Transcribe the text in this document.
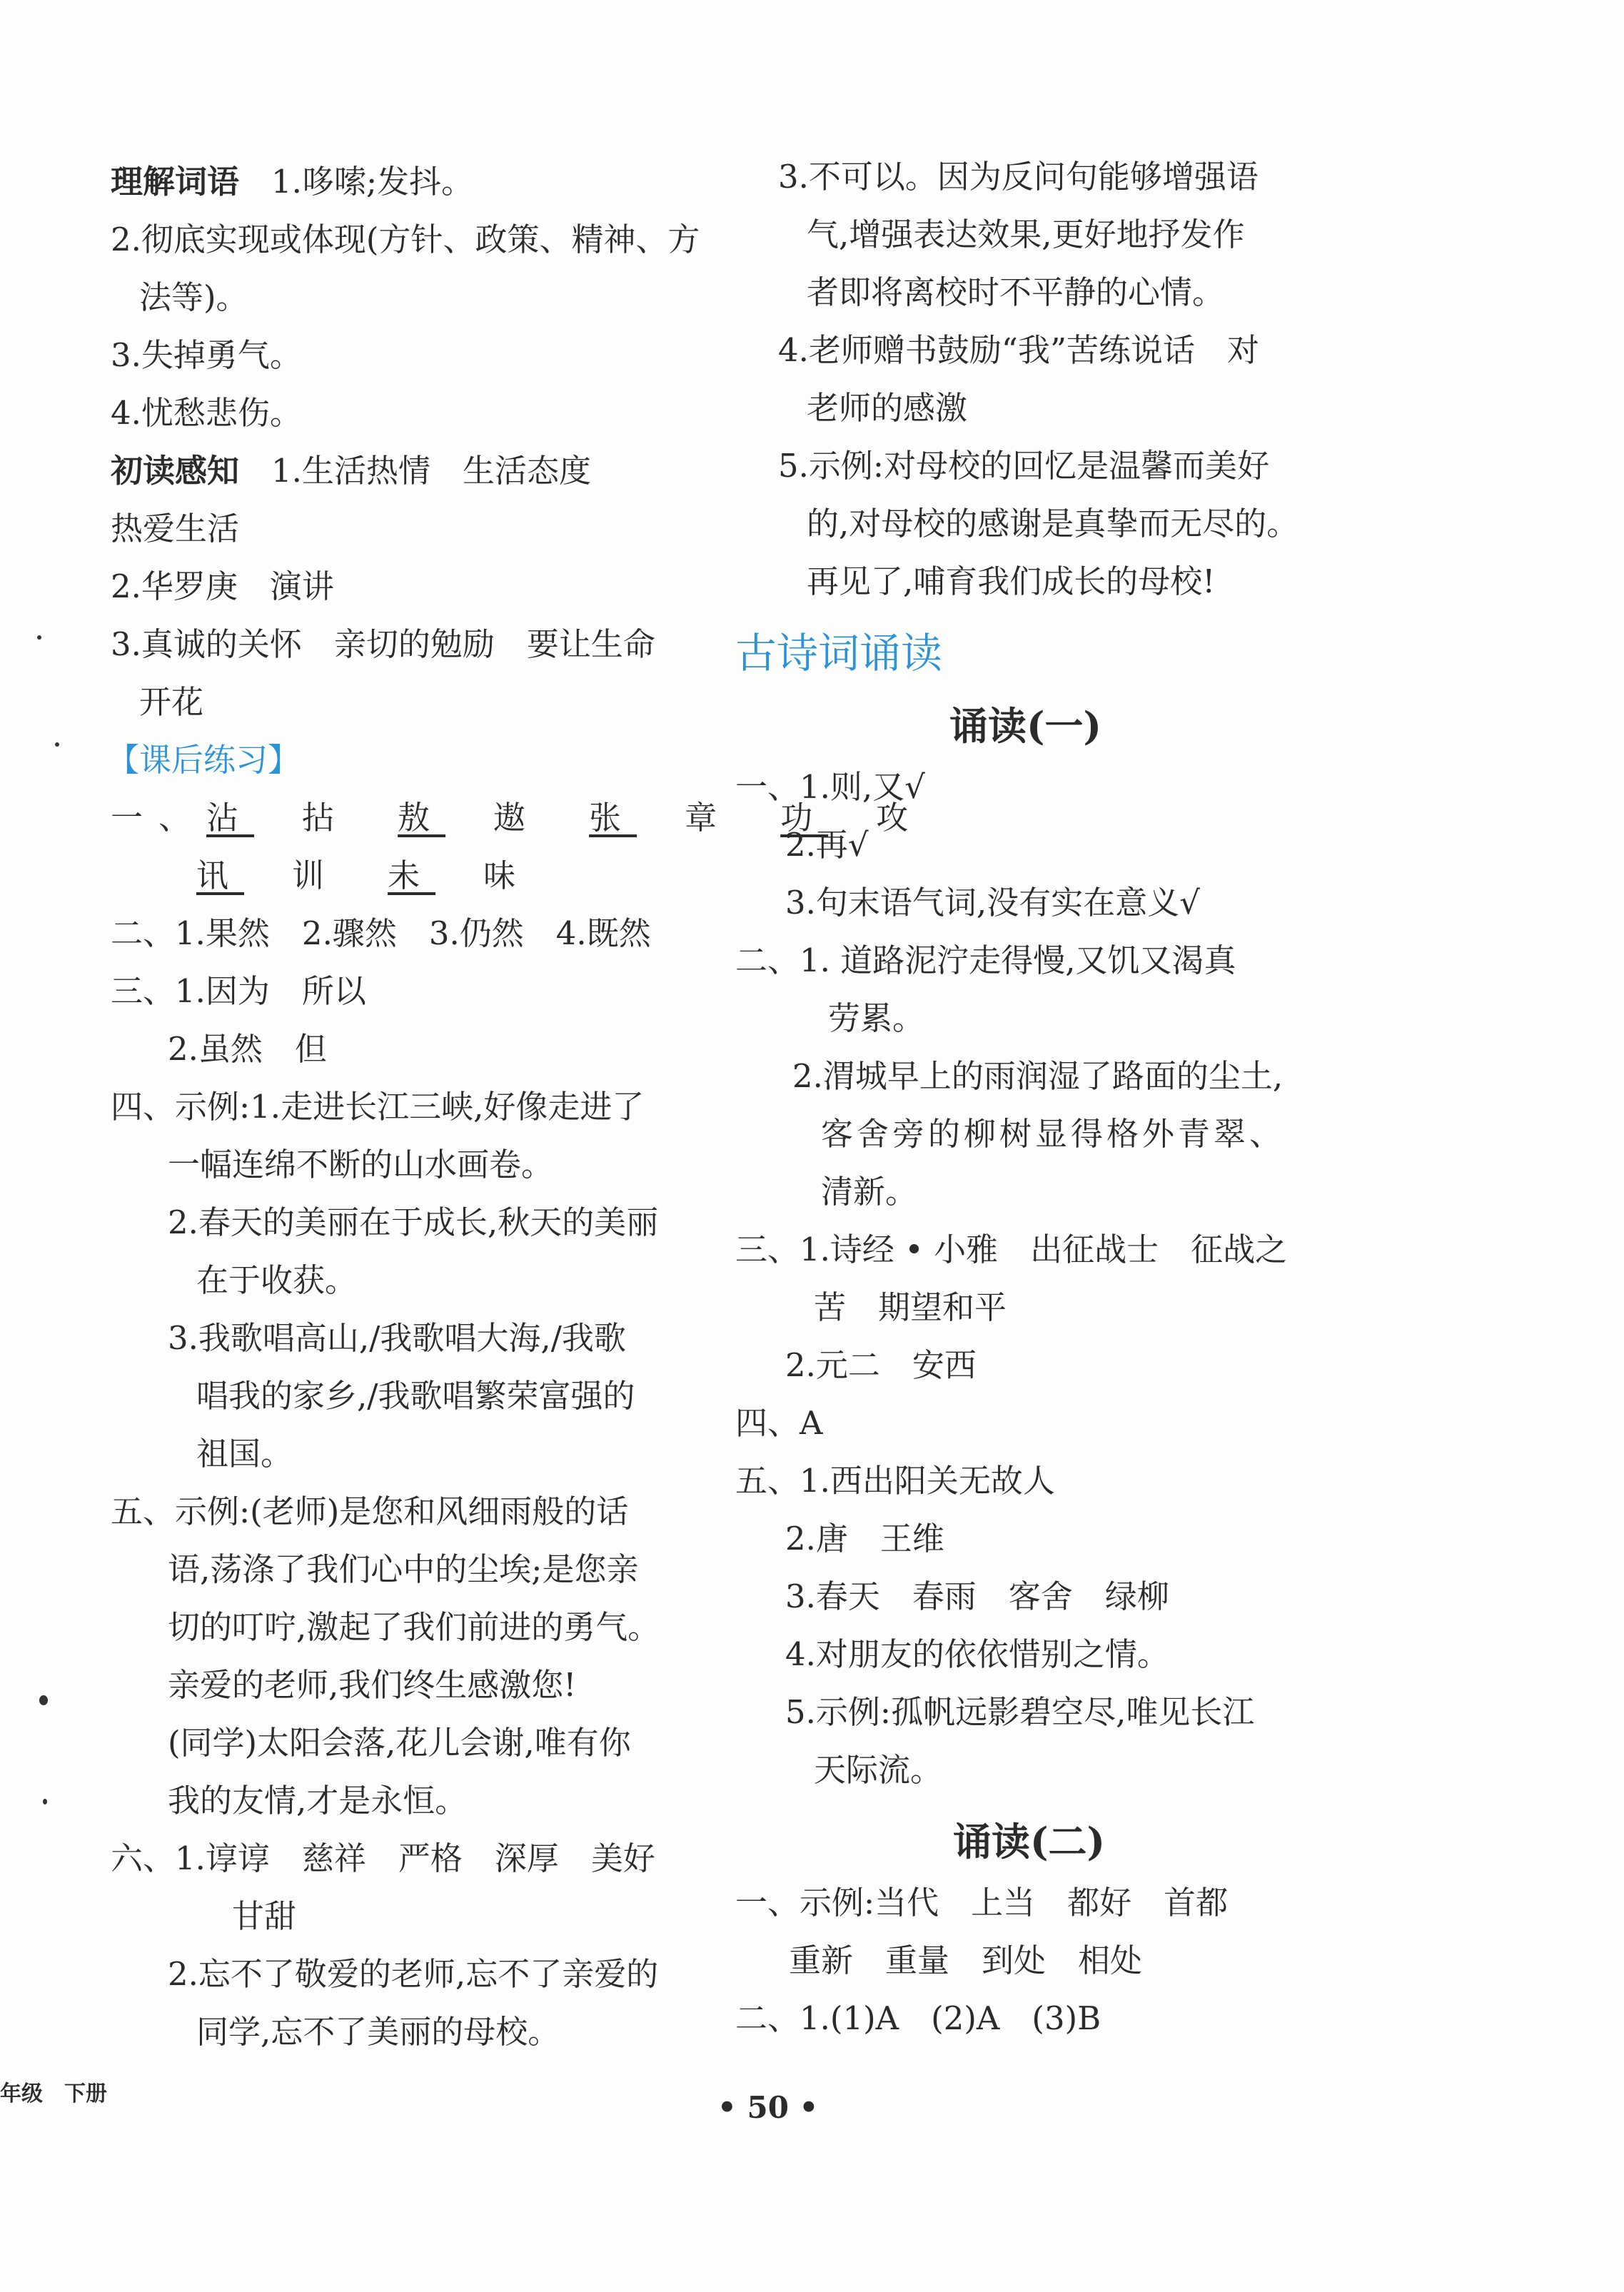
理解词语　 1.哆嗦;发抖。
2.彻底实现或体现(方针、政策、精神、方
法等)。
3.失掉勇气。
4.忧愁悲伤。
初读感知　 1.生活热情　生活态度
热爱生活
2.华罗庚　演讲
3.真诚的关怀　亲切的勉励　要让生命
开花
【课后练习】
一、沾　 拈　 敖　 遨　 张　 章　 功　 攻
讯　 训　 未　 味
二、1.果然　2.骤然　3.仍然　4.既然
三、1.因为　所以
2.虽然　但
四、示例:1.走进长江三峡,好像走进了
一幅连绵不断的山水画卷。
2.春天的美丽在于成长,秋天的美丽
在于收获。
3.我歌唱高山,/我歌唱大海,/我歌
唱我的家乡,/我歌唱繁荣富强的
祖国。
五、示例:(老师)是您和风细雨般的话
语,荡涤了我们心中的尘埃;是您亲
切的叮咛,激起了我们前进的勇气。
亲爱的老师,我们终生感激您!
(同学)太阳会落,花儿会谢,唯有你
我的友情,才是永恒。
六、1.谆谆　慈祥　严格　深厚　美好
甘甜
2.忘不了敬爱的老师,忘不了亲爱的
同学,忘不了美丽的母校。
3.不可以。因为反问句能够增强语
气,增强表达效果,更好地抒发作
者即将离校时不平静的心情。
4.老师赠书鼓励“我”苦练说话　对
老师的感激
5.示例:对母校的回忆是温馨而美好
的,对母校的感谢是真挚而无尽的。
再见了,哺育我们成长的母校!
古诗词诵读
诵读(一)
一、1.则,又√
2.再√
3.句末语气词,没有实在意义√
二、1. 道路泥泞走得慢,又饥又渴真
劳累。
2.渭城早上的雨润湿了路面的尘土,
客舍旁的柳树显得格外青翠、
清新。
三、1.诗经 • 小雅　出征战士　征战之
苦　期望和平
2.元二　安西
四、A
五、1.西出阳关无故人
2.唐　王维
3.春天　春雨　客舍　绿柳
4.对朋友的依依惜别之情。
5.示例:孤帆远影碧空尽,唯见长江
天际流。
诵读(二)
一、示例:当代　上当　都好　首都
重新　重量　到处　相处
二、1.(1)A　(2)A　(3)B
年级　下册	• 50 •
